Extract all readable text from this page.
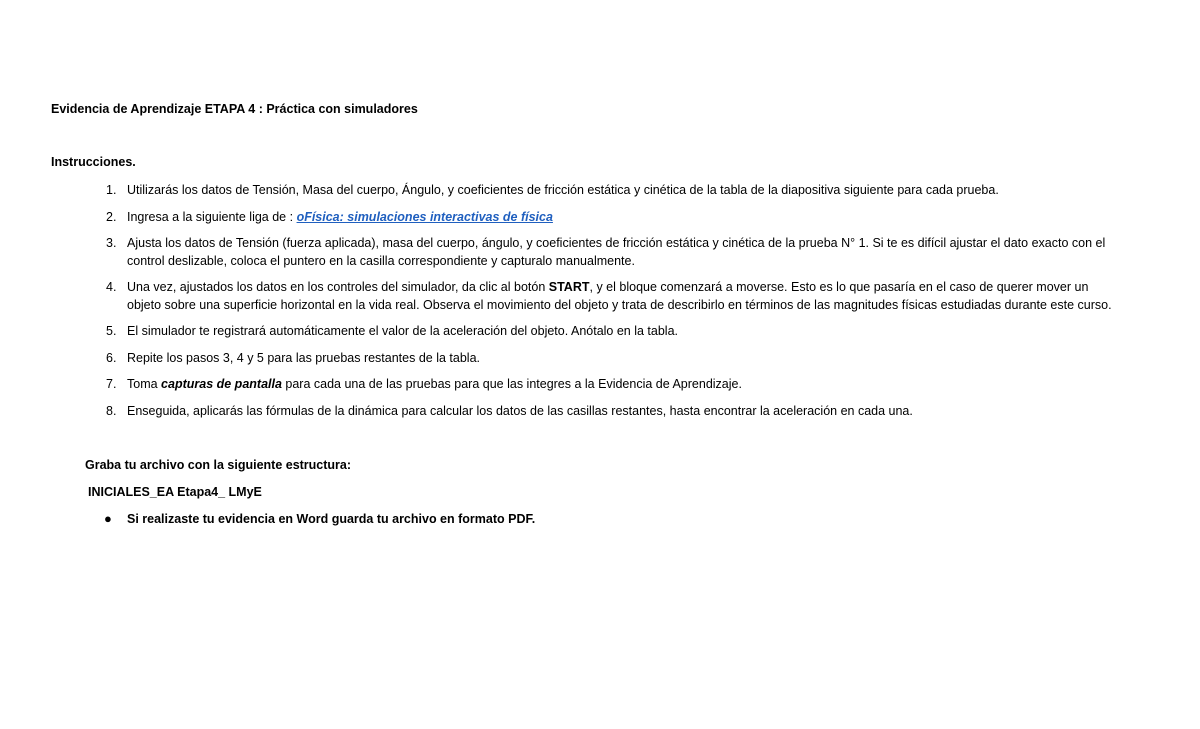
Evidencia de Aprendizaje ETAPA 4 : Práctica con simuladores
Instrucciones.
1. Utilizarás los datos de Tensión, Masa del cuerpo, Ángulo, y coeficientes de fricción estática y cinética de la tabla de la diapositiva siguiente para cada prueba.
2. Ingresa a la siguiente liga de : oFísica: simulaciones interactivas de física
3. Ajusta los datos de Tensión (fuerza aplicada), masa del cuerpo, ángulo, y coeficientes de fricción estática y cinética de la prueba N° 1. Si te es difícil ajustar el dato exacto con el control deslizable, coloca el puntero en la casilla correspondiente y capturalo manualmente.
4. Una vez, ajustados los datos en los controles del simulador, da clic al botón START, y el bloque comenzará a moverse. Esto es lo que pasaría en el caso de querer mover un objeto sobre una superficie horizontal en la vida real. Observa el movimiento del objeto y trata de describirlo en términos de las magnitudes físicas estudiadas durante este curso.
5. El simulador te registrará automáticamente el valor de la aceleración del objeto. Anótalo en la tabla.
6. Repite los pasos 3, 4 y 5 para las pruebas restantes de la tabla.
7. Toma capturas de pantalla para cada una de las pruebas para que las integres a la Evidencia de Aprendizaje.
8. Enseguida, aplicarás las fórmulas de la dinámica para calcular los datos de las casillas restantes, hasta encontrar la aceleración en cada una.
Graba tu archivo con la siguiente estructura:
INICIALES_EA Etapa4_ LMyE
● Si realizaste tu evidencia en Word guarda tu archivo en formato PDF.
